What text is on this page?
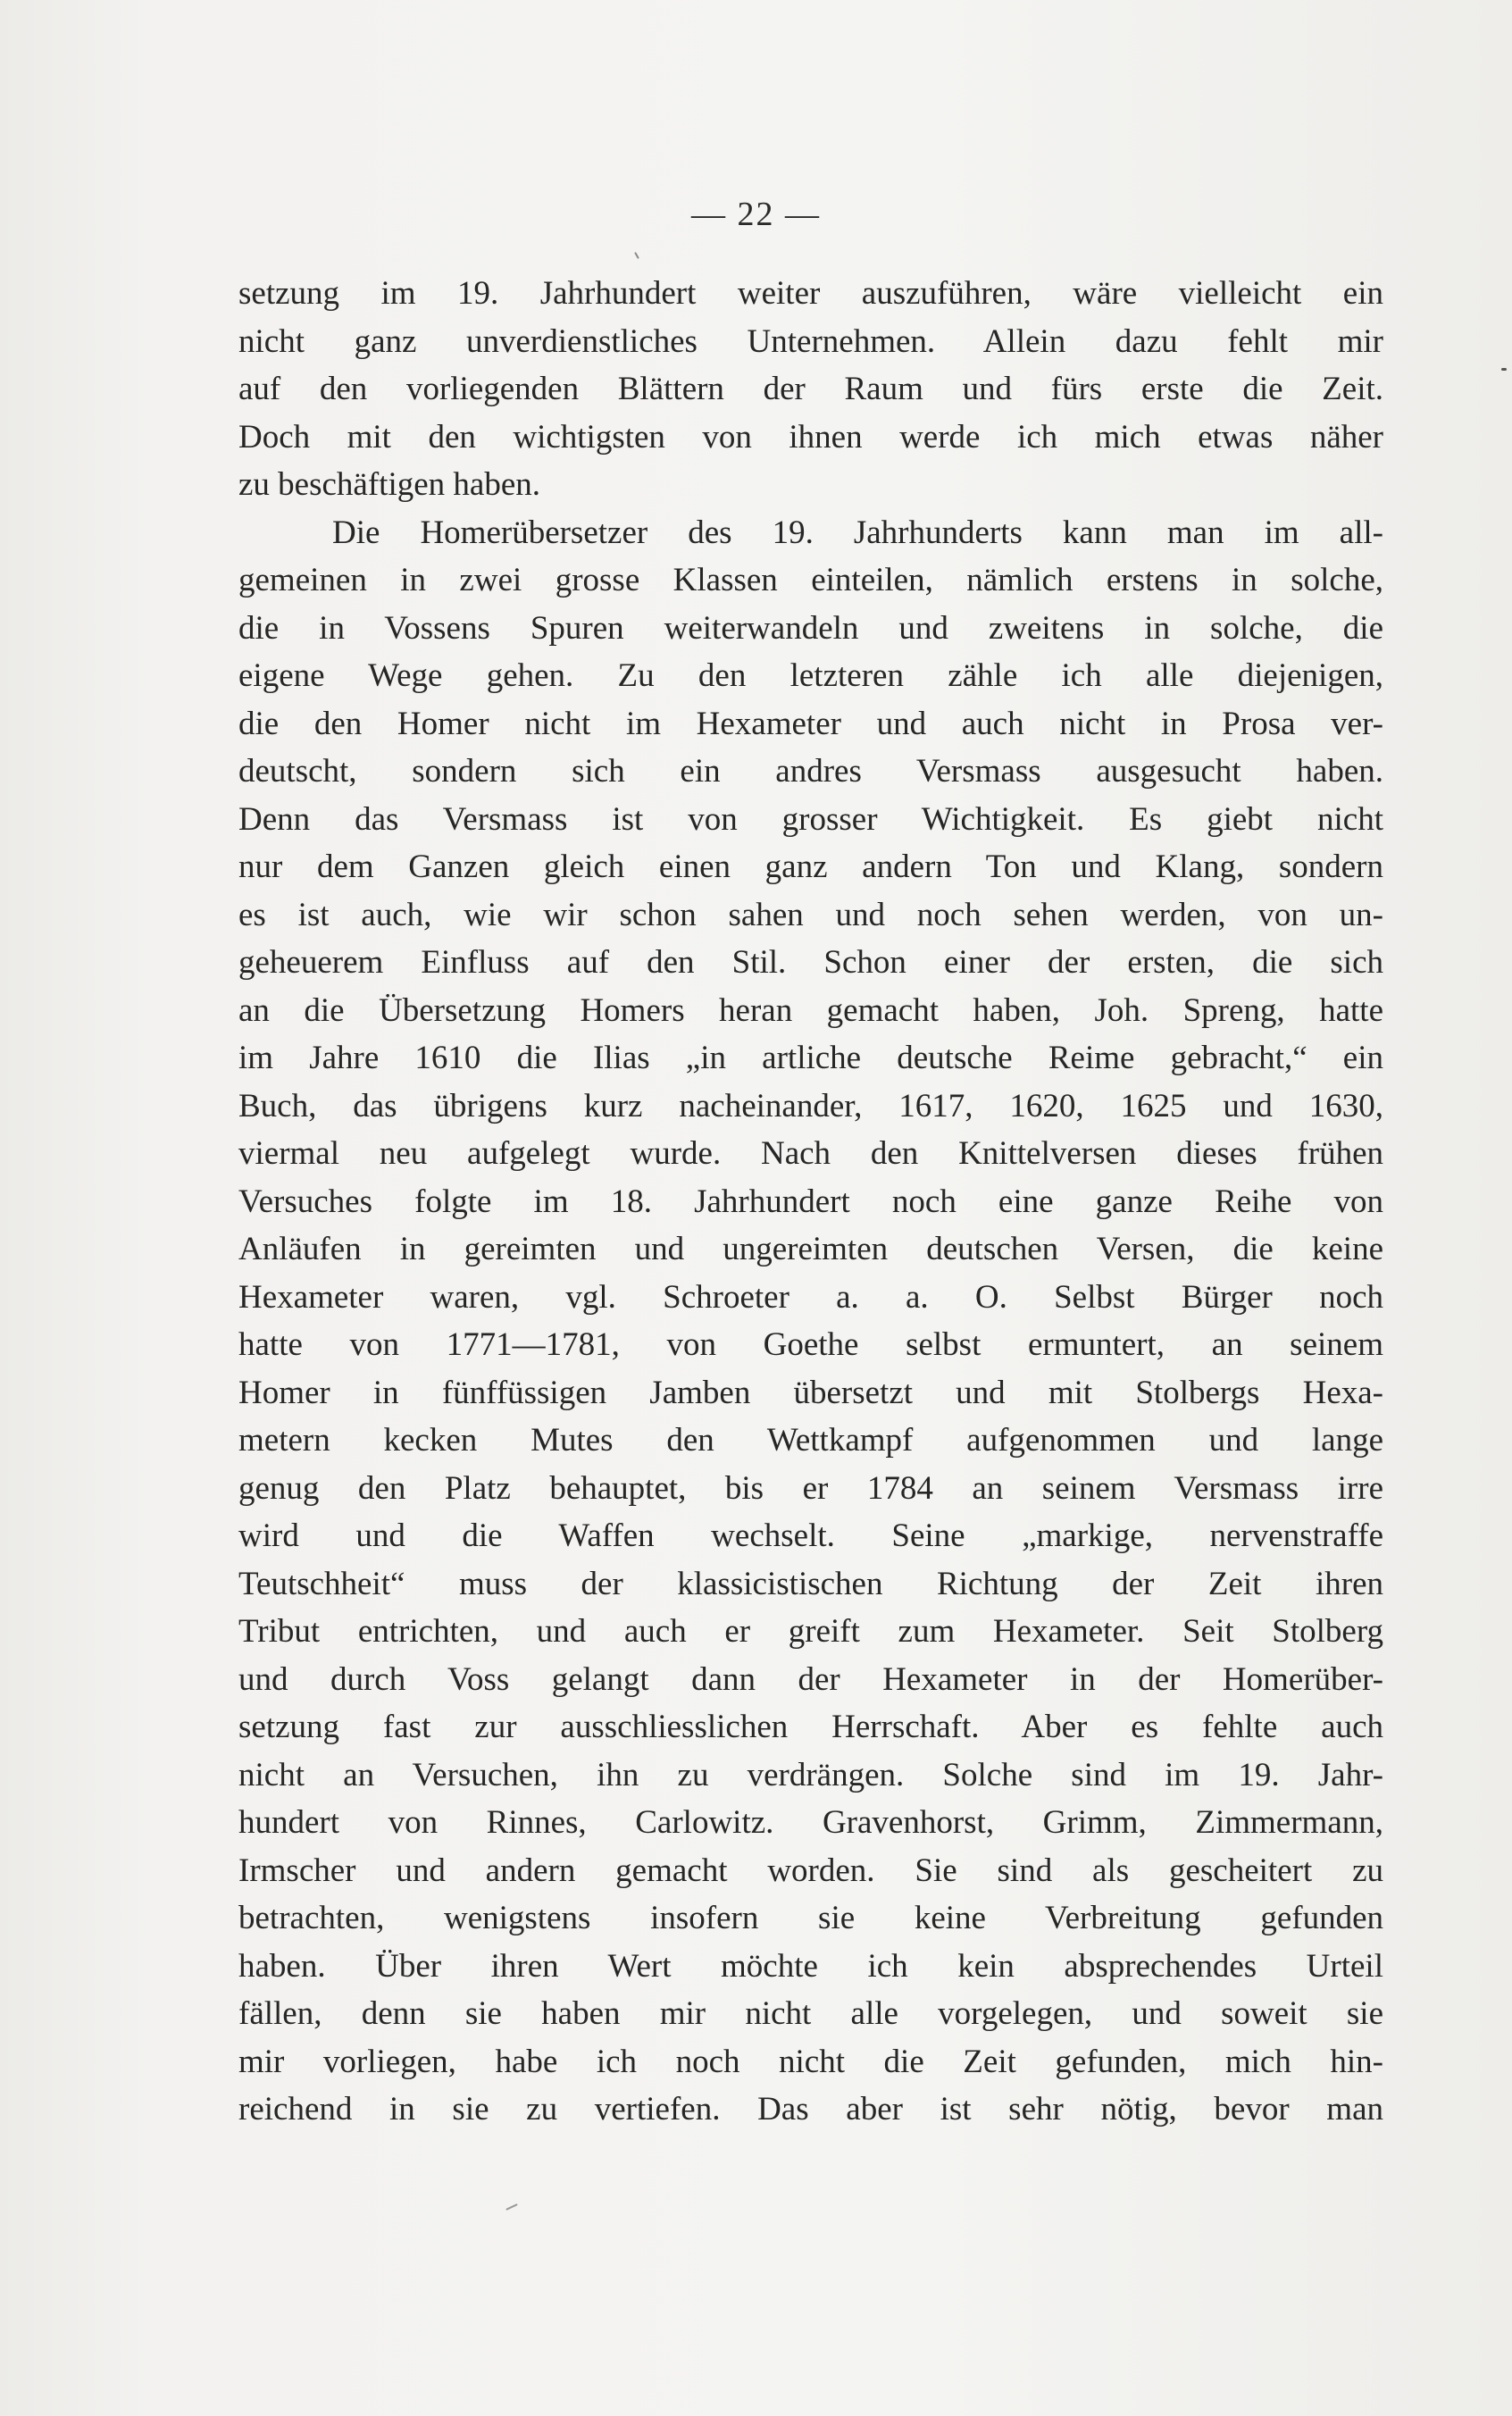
— 22 —
setzung im 19. Jahrhundert weiter auszuführen, wäre vielleicht ein
nicht ganz unverdienstliches Unternehmen. Allein dazu fehlt mir
auf den vorliegenden Blättern der Raum und fürs erste die Zeit.
Doch mit den wichtigsten von ihnen werde ich mich etwas näher
zu beschäftigen haben.
Die Homerübersetzer des 19. Jahrhunderts kann man im all-
gemeinen in zwei grosse Klassen einteilen, nämlich erstens in solche,
die in Vossens Spuren weiterwandeln und zweitens in solche, die
eigene Wege gehen. Zu den letzteren zähle ich alle diejenigen,
die den Homer nicht im Hexameter und auch nicht in Prosa ver-
deutscht, sondern sich ein andres Versmass ausgesucht haben.
Denn das Versmass ist von grosser Wichtigkeit. Es giebt nicht
nur dem Ganzen gleich einen ganz andern Ton und Klang, sondern
es ist auch, wie wir schon sahen und noch sehen werden, von un-
geheuerem Einfluss auf den Stil. Schon einer der ersten, die sich
an die Übersetzung Homers heran gemacht haben, Joh. Spreng, hatte
im Jahre 1610 die Ilias „in artliche deutsche Reime gebracht,“ ein
Buch, das übrigens kurz nacheinander, 1617, 1620, 1625 und 1630,
viermal neu aufgelegt wurde. Nach den Knittelversen dieses frühen
Versuches folgte im 18. Jahrhundert noch eine ganze Reihe von
Anläufen in gereimten und ungereimten deutschen Versen, die keine
Hexameter waren, vgl. Schroeter a. a. O. Selbst Bürger noch
hatte von 1771—1781, von Goethe selbst ermuntert, an seinem
Homer in fünffüssigen Jamben übersetzt und mit Stolbergs Hexa-
metern kecken Mutes den Wettkampf aufgenommen und lange
genug den Platz behauptet, bis er 1784 an seinem Versmass irre
wird und die Waffen wechselt. Seine „markige, nervenstraffe
Teutschheit“ muss der klassicistischen Richtung der Zeit ihren
Tribut entrichten, und auch er greift zum Hexameter. Seit Stolberg
und durch Voss gelangt dann der Hexameter in der Homerüber-
setzung fast zur ausschliesslichen Herrschaft. Aber es fehlte auch
nicht an Versuchen, ihn zu verdrängen. Solche sind im 19. Jahr-
hundert von Rinnes, Carlowitz. Gravenhorst, Grimm, Zimmermann,
Irmscher und andern gemacht worden. Sie sind als gescheitert zu
betrachten, wenigstens insofern sie keine Verbreitung gefunden
haben. Über ihren Wert möchte ich kein absprechendes Urteil
fällen, denn sie haben mir nicht alle vorgelegen, und soweit sie
mir vorliegen, habe ich noch nicht die Zeit gefunden, mich hin-
reichend in sie zu vertiefen. Das aber ist sehr nötig, bevor man
